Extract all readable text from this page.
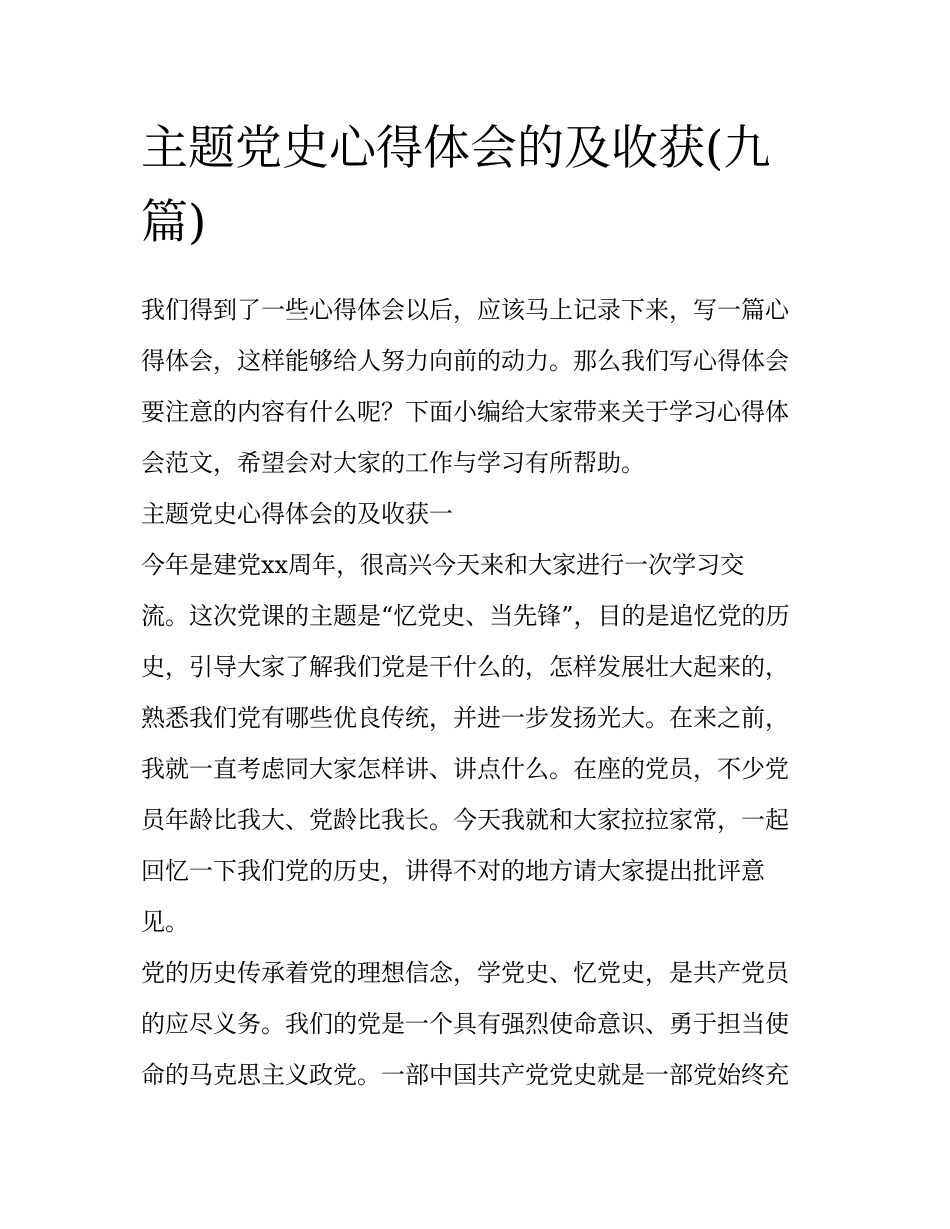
主题党史心得体会的及收获(九
篇)

我们得到了一些心得体会以后，应该马上记录下来，写一篇心
得体会，这样能够给人努力向前的动力。那么我们写心得体会
要注意的内容有什么呢？下面小编给大家带来关于学习心得体
会范文，希望会对大家的工作与学习有所帮助。

主题党史心得体会的及收获一

今年是建党xx周年，很高兴今天来和大家进行一次学习交
流。这次党课的主题是“忆党史、当先锋”，目的是追忆党的历
史，引导大家了解我们党是干什么的，怎样发展壮大起来的，
熟悉我们党有哪些优良传统，并进一步发扬光大。在来之前，
我就一直考虑同大家怎样讲、讲点什么。在座的党员，不少党
员年龄比我大、党龄比我长。今天我就和大家拉拉家常，一起
回忆一下我们党的历史，讲得不对的地方请大家提出批评意
见。

党的历史传承着党的理想信念，学党史、忆党史，是共产党员
的应尽义务。我们的党是一个具有强烈使命意识、勇于担当使
命的马克思主义政党。一部中国共产党党史就是一部党始终充
